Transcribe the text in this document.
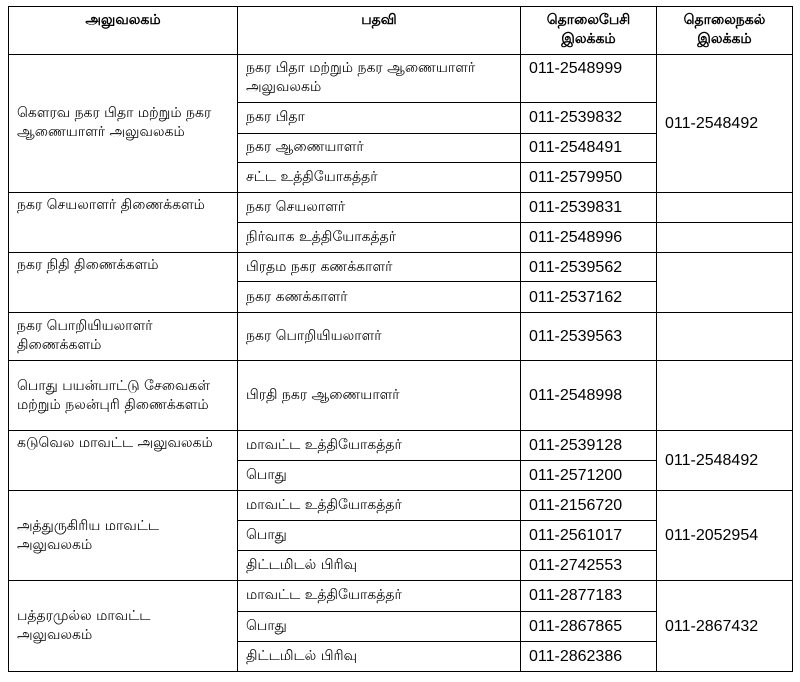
அலுவலகம்	பதவி	தொலைபேசி இலக்கம்	தொலைநகல் இலக்கம்
கௌரவ நகர பிதா மற்றும் நகர ஆணையாளர் அலுவலகம்	நகர பிதா மற்றும் நகர ஆணையாளர் அலுவலகம்	011-2548999	011-2548492
	நகர பிதா	011-2539832	
	நகர ஆணையாளர்	011-2548491	
	சட்ட உத்தியோகத்தர்	011-2579950	
நகர செயலாளர் திணைக்களம்	நகர செயலாளர்	011-2539831	
	நிர்வாக உத்தியோகத்தர்	011-2548996	
நகர நிதி திணைக்களம்	பிரதம நகர கணக்காளர்	011-2539562	
	நகர கணக்காளர்	011-2537162	
நகர பொறியியலாளர் திணைக்களம்	நகர பொறியியலாளர்	011-2539563	
பொது பயன்பாட்டு சேவைகள் மற்றும் நலன்புரி திணைக்களம்	பிரதி நகர ஆணையாளர்	011-2548998	
கடுவெல மாவட்ட அலுவலகம்	மாவட்ட உத்தியோகத்தர்	011-2539128	011-2548492
	பொது	011-2571200	
அத்துருகிரிய மாவட்ட அலுவலகம்	மாவட்ட உத்தியோகத்தர்	011-2156720	011-2052954
	பொது	011-2561017	
	திட்டமிடல் பிரிவு	011-2742553	
பத்தரமுல்ல மாவட்ட அலுவலகம்	மாவட்ட உத்தியோகத்தர்	011-2877183	011-2867432
	பொது	011-2867865	
	திட்டமிடல் பிரிவு	011-2862386	
